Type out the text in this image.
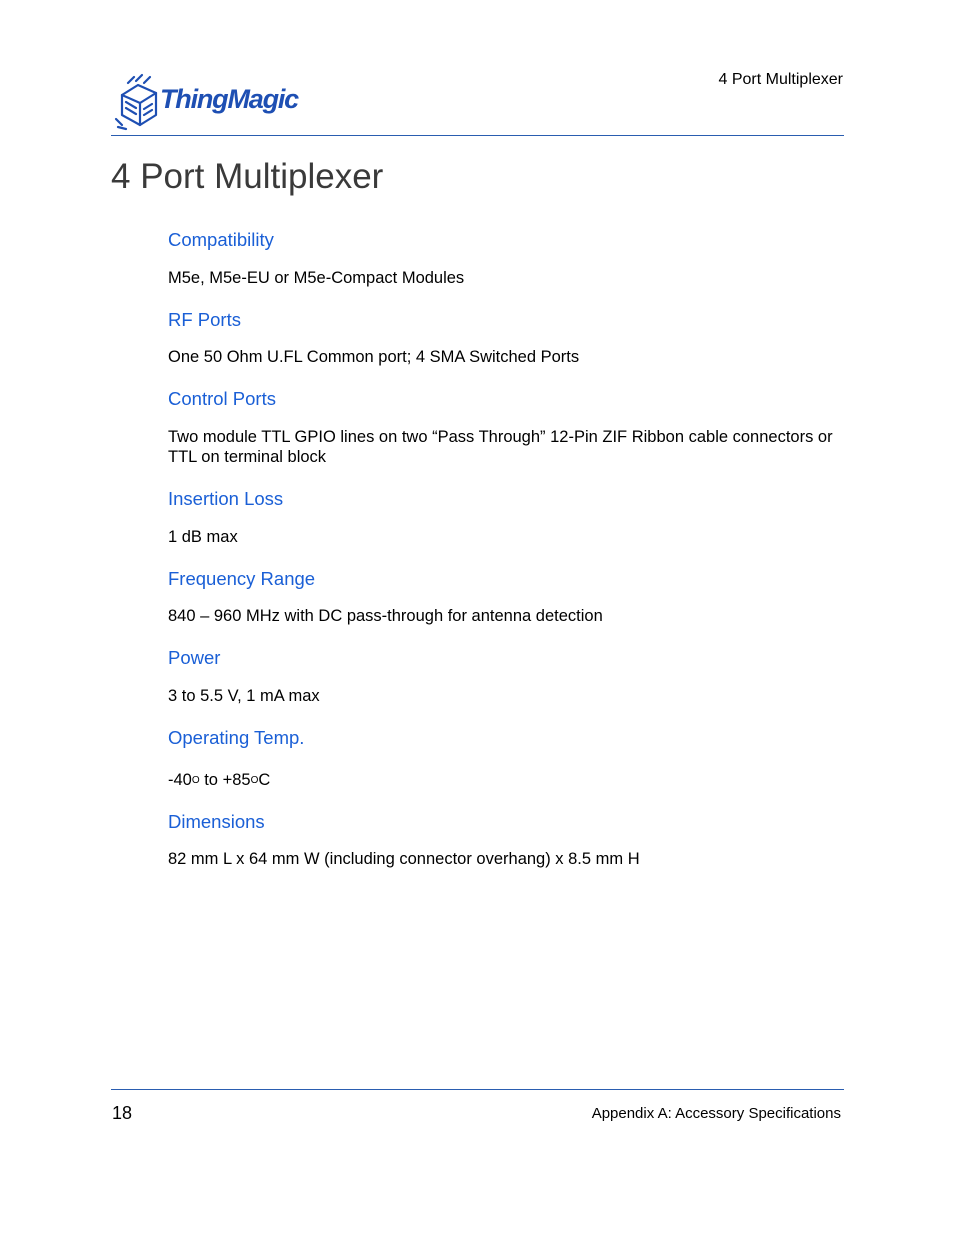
ThingMagic
4 Port Multiplexer
4 Port Multiplexer
Compatibility

M5e, M5e-EU or M5e-Compact Modules

RF Ports

One 50 Ohm U.FL Common port; 4 SMA Switched Ports

Control Ports

Two module TTL GPIO lines on two “Pass Through” 12-Pin ZIF Ribbon cable connectors or TTL on terminal block

Insertion Loss

1 dB max

Frequency Range

840 – 960 MHz with DC pass-through for antenna detection

Power

3 to 5.5 V, 1 mA max

Operating Temp.

$-40^O$ to $+85^OC$

Dimensions

82 mm L x 64 mm W (including connector overhang) x 8.5 mm H

18	Appendix A: Accessory Specifications
